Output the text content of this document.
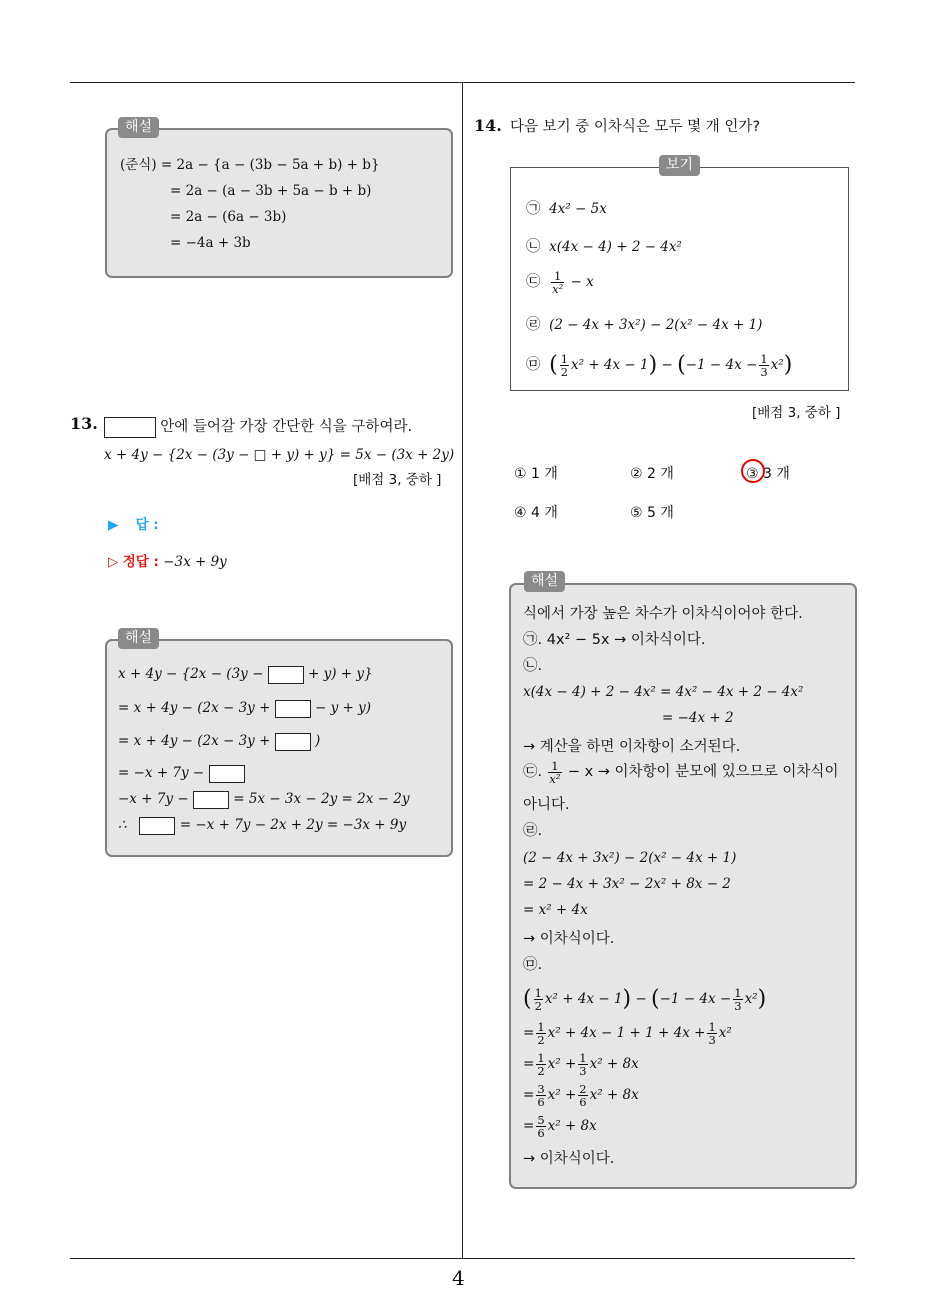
4
해설
(준식) = 2a − {a − (3b − 5a + b) + b}
= 2a − (a − 3b + 5a − b + b)
= 2a − (6a − 3b)
= −4a + 3b
13.	안에 들어갈 가장 간단한 식을 구하여라.
x + 4y − {2x − (3y − □ + y) + y} = 5x − (3x + 2y)
[배점 3, 중하 ]
▶ 답 :
▷ 정답 : −3x + 9y
해설
x + 4y − {2x − (3y −	+ y) + y}
= x + 4y − (2x − 3y +	− y + y)
= x + 4y − (2x − 3y +	)
= −x + 7y −
−x + 7y −	= 5x − 3x − 2y = 2x − 2y
∴	= −x + 7y − 2x + 2y = −3x + 9y
14. 다음 보기 중 이차식은 모두 몇 개 인가?
보기
㉠ 4x² − 5x
㉡ x(4x − 4) + 2 − 4x²
㉢ $\frac{1}{\text{x²}} - x$
㉣ (2 − 4x + 3x²) − 2(x² − 4x + 1)
㉤ ( $\frac{1}{2} x^2 + 4x - 1) - (-1 - 4x - \frac{1}{3} x^2)$
[배점 3, 중하 ]
① 1 개	② 2 개	③ 3 개
④ 4 개	⑤ 5 개
해설
식에서 가장 높은 차수가 이차식이어야 한다.
㉠. 4x² − 5x → 이차식이다.
㉡.
x(4x − 4) + 2 − 4x² = 4x² − 4x + 2 − 4x²
= −4x + 2
→ 계산을 하면 이차항이 소거된다.
㉢. $\frac{1}{\text{x²}} - x$ → 이차항이 분모에 있으므로 이차식이
아니다.
㉣.
(2 − 4x + 3x²) − 2(x² − 4x + 1)
= 2 − 4x + 3x² − 2x² + 8x − 2
= x² + 4x
→ 이차식이다.
㉤.
( $\frac{1}{2} x^2 + 4x - 1) - (-1 - 4x - \frac{1}{3} x^2)$
= $\frac{1}{2} x^2 + 4x - 1 + 1 + 4x + \frac{1}{3} x^2$
= $\frac{1}{2} x^2 + \frac{1}{3} x^2 + 8x$
= $\frac{3}{6} x^2 + \frac{2}{6} x^2 + 8x$
= $\frac{5}{6} x^2 + 8x$
→ 이차식이다.
